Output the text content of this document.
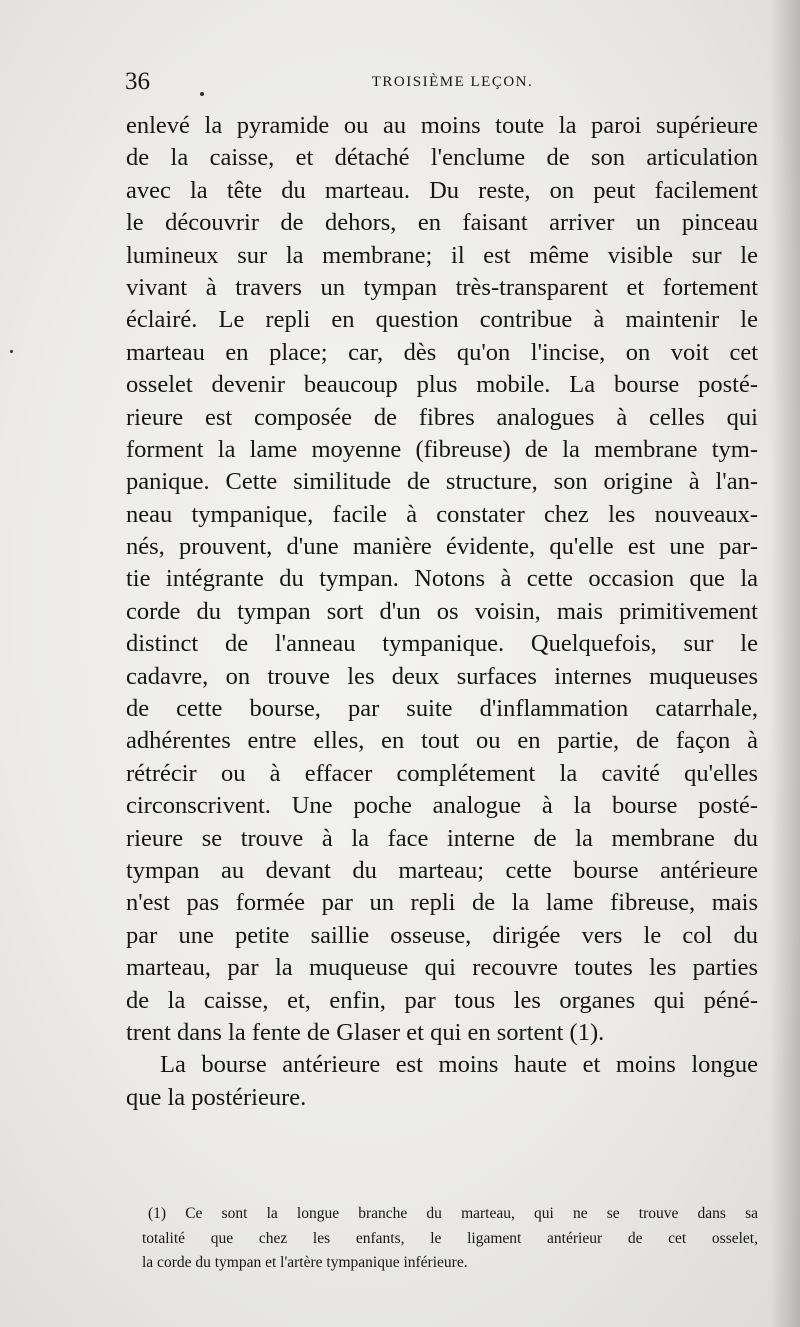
36	TROISIÈME LEÇON.
enlevé la pyramide ou au moins toute la paroi supérieure
de la caisse, et détaché l'enclume de son articulation
avec la tête du marteau. Du reste, on peut facilement
le découvrir de dehors, en faisant arriver un pinceau
lumineux sur la membrane; il est même visible sur le
vivant à travers un tympan très-transparent et fortement
éclairé. Le repli en question contribue à maintenir le
marteau en place; car, dès qu'on l'incise, on voit cet
osselet devenir beaucoup plus mobile. La bourse posté-
rieure est composée de fibres analogues à celles qui
forment la lame moyenne (fibreuse) de la membrane tym-
panique. Cette similitude de structure, son origine à l'an-
neau tympanique, facile à constater chez les nouveaux-
nés, prouvent, d'une manière évidente, qu'elle est une par-
tie intégrante du tympan. Notons à cette occasion que la
corde du tympan sort d'un os voisin, mais primitivement
distinct de l'anneau tympanique. Quelquefois, sur le
cadavre, on trouve les deux surfaces internes muqueuses
de cette bourse, par suite d'inflammation catarrhale,
adhérentes entre elles, en tout ou en partie, de façon à
rétrécir ou à effacer complétement la cavité qu'elles
circonscrivent. Une poche analogue à la bourse posté-
rieure se trouve à la face interne de la membrane du
tympan au devant du marteau; cette bourse antérieure
n'est pas formée par un repli de la lame fibreuse, mais
par une petite saillie osseuse, dirigée vers le col du
marteau, par la muqueuse qui recouvre toutes les parties
de la caisse, et, enfin, par tous les organes qui péné-
trent dans la fente de Glaser et qui en sortent (1).
La bourse antérieure est moins haute et moins longue
que la postérieure.
(1) Ce sont la longue branche du marteau, qui ne se trouve dans sa
totalité que chez les enfants, le ligament antérieur de cet osselet,
la corde du tympan et l'artère tympanique inférieure.
